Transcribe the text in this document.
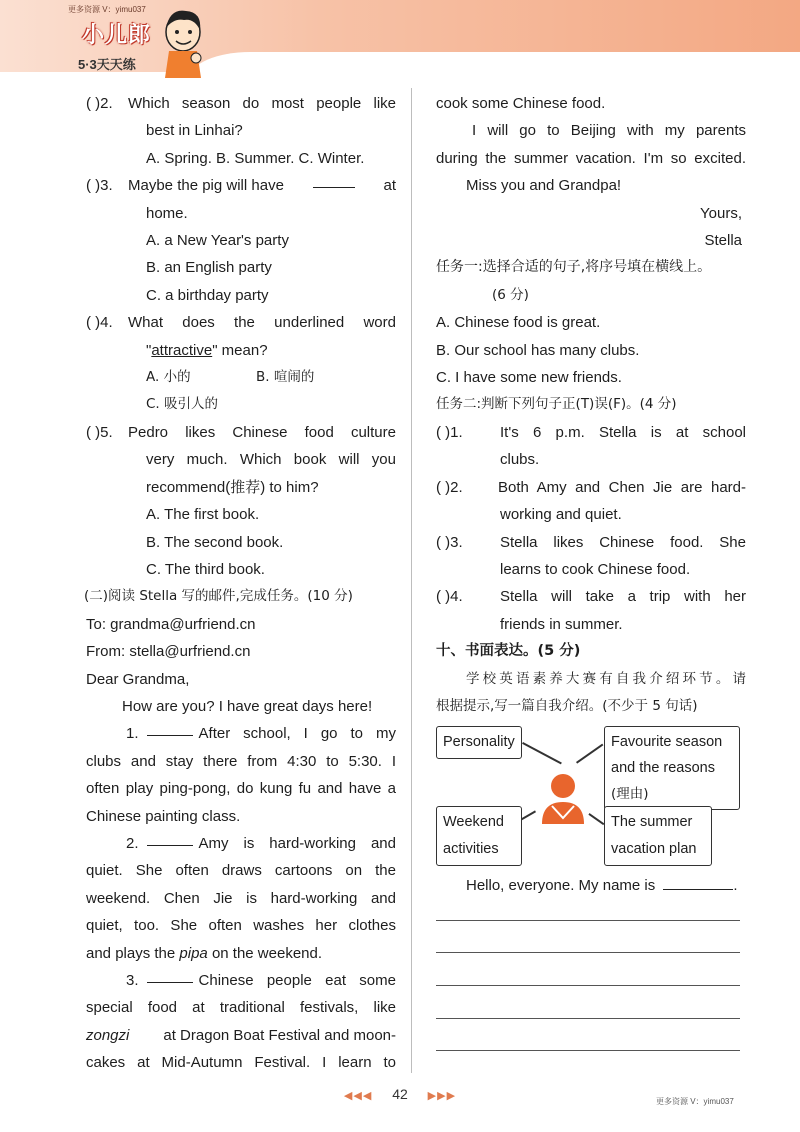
更多资源 V：yimu037
小儿郎
5·3天天练
( )2.	Which season do most people like
best in Linhai?
A. Spring. B. Summer. C. Winter.
( )3. Maybe the pig will have	at
home.
A. a New Year's party
B. an English party
C. a birthday party
( )4.	What does the underlined word
"attractive" mean?
A. 小的	B. 喧闹的
C. 吸引人的
( )5.	Pedro likes Chinese food culture
very much. Which book will you
recommend(推荐) to him?
A. The first book.
B. The second book.
C. The third book.
(二)阅读 Stella 写的邮件,完成任务。(10 分)
To: grandma@urfriend.cn
From: stella@urfriend.cn
Dear Grandma,
How are you? I have great days here!
1.	After school, I go to my
clubs and stay there from 4:30 to 5:30. I
often play ping-pong, do kung fu and have a
Chinese painting class.
2.	Amy is hard-working and
quiet. She often draws cartoons on the
weekend. Chen Jie is hard-working and
quiet, too. She often washes her clothes
and plays the pipa on the weekend.
3.	Chinese people eat some
special food at traditional festivals, like
zongzi at Dragon Boat Festival and moon-
cakes at Mid-Autumn Festival. I learn to
cook some Chinese food.
I will go to Beijing with my parents
during the summer vacation. I'm so excited.
Miss you and Grandpa!
Yours,
Stella
任务一:选择合适的句子,将序号填在横线上。
(6 分)
A. Chinese food is great.
B. Our school has many clubs.
C. I have some new friends.
任务二:判断下列句子正(T)误(F)。(4 分)
( )1.	It's 6 p.m. Stella is at school
clubs.
( )2.	Both Amy and Chen Jie are hard-
working and quiet.
( )3.	Stella likes Chinese food. She
learns to cook Chinese food.
( )4.	Stella will take a trip with her
friends in summer.
十、书面表达。(5 分)
学校英语素养大赛有自我介绍环节。请
根据提示,写一篇自我介绍。(不少于 5 句话)
Personality	Favourite season
and the reasons
(理由)
Weekend
activities
The summer
vacation plan
Hello, everyone. My name is	.
◀◀◀ 42 ▶▶▶	更多资源 V：yimu037
